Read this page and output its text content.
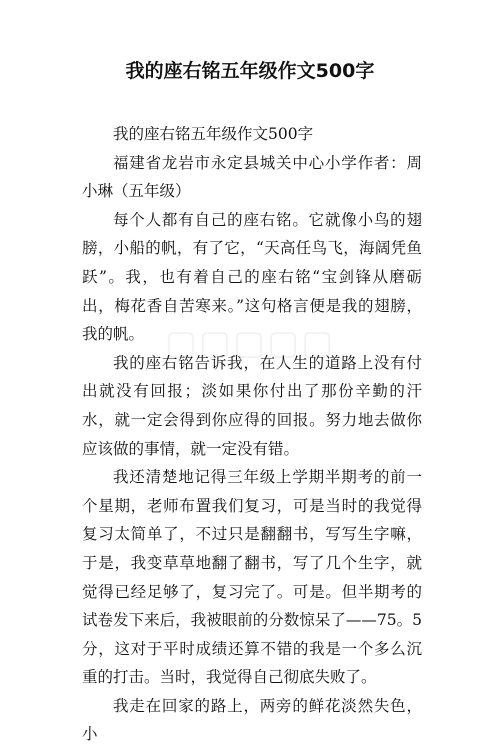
我的座右铭五年级作文500字
▢▢▢▢▢

我的座右铭五年级作文500字

福建省龙岩市永定县城关中心小学作者：周小琳（五年级）

每个人都有自己的座右铭。它就像小鸟的翅膀，小船的帆，有了它，“天高任鸟飞，海阔凭鱼跃”。我，也有着自己的座右铭“宝剑锋从磨砺出，梅花香自苦寒来。”这句格言便是我的翅膀，我的帆。

我的座右铭告诉我，在人生的道路上没有付出就没有回报；淡如果你付出了那份辛勤的汗水，就一定会得到你应得的回报。努力地去做你应该做的事情，就一定没有错。

我还清楚地记得三年级上学期半期考的前一个星期，老师布置我们复习，可是当时的我觉得复习太简单了，不过只是翻翻书，写写生字嘛，于是，我变草草地翻了翻书，写了几个生字，就觉得已经足够了，复习完了。可是。但半期考的试卷发下来后，我被眼前的分数惊呆了——75。5分，这对于平时成绩还算不错的我是一个多么沉重的打击。当时，我觉得自己彻底失败了。

我走在回家的路上，两旁的鲜花淡然失色，小
